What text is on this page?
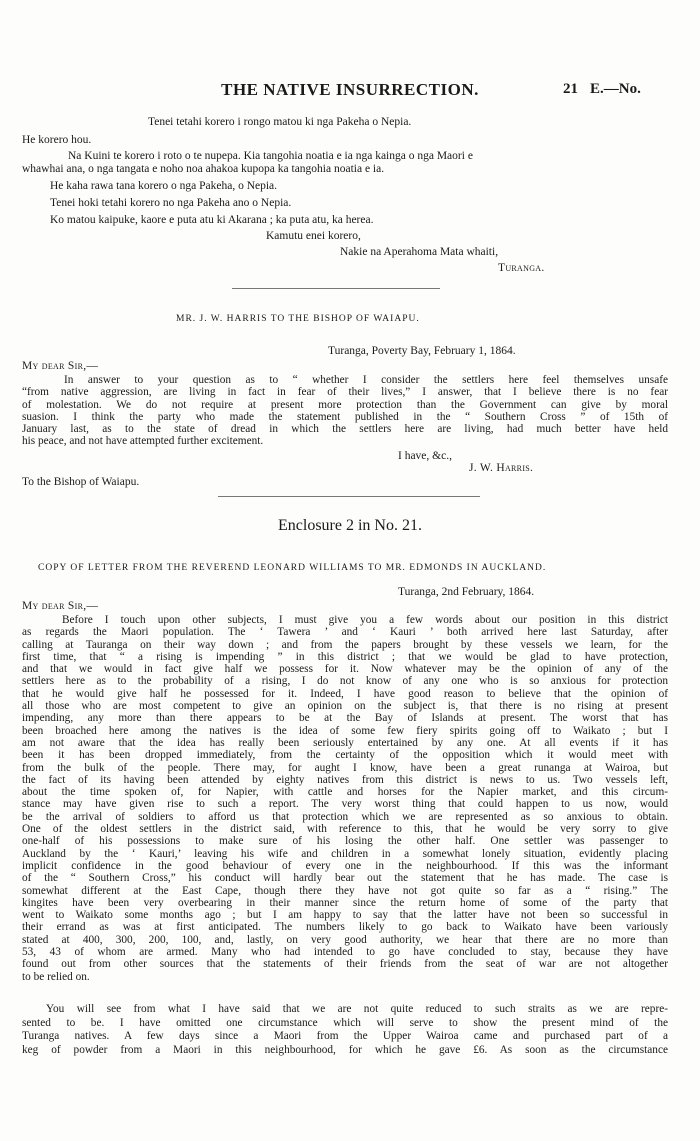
THE NATIVE INSURRECTION.	21 E.—No.
Tenei tetahi korero i rongo matou ki nga Pakeha o Nepia.
He korero hou.
Na Kuini te korero i roto o te nupepa. Kia tangohia noatia e ia nga kainga o nga Maori e
whawhai ana, o nga tangata e noho noa ahakoa kupopa ka tangohia noatia e ia.
He kaha rawa tana korero o nga Pakeha, o Nepia.
Tenei hoki tetahi korero no nga Pakeha ano o Nepia.
Ko matou kaipuke, kaore e puta atu ki Akarana ; ka puta atu, ka herea.
Kamutu enei korero,
Nakie na Aperahoma Mata whaiti,
Turanga.
MR. J. W. HARRIS TO THE BISHOP OF WAIAPU.
Turanga, Poverty Bay, February 1, 1864.
My dear Sir,—
In answer to your question as to “ whether I consider the settlers here feel themselves unsafe
“from native aggression, are living in fact in fear of their lives,” I answer, that I believe there is no fear
of molestation. We do not require at present more protection than the Government can give by moral
suasion. I think the party who made the statement published in the “ Southern Cross ” of 15th of
January last, as to the state of dread in which the settlers here are living, had much better have held
his peace, and not have attempted further excitement.
I have, &c.,
J. W. Harris.
To the Bishop of Waiapu.
Enclosure 2 in No. 21.
COPY OF LETTER FROM THE REVEREND LEONARD WILLIAMS TO MR. EDMONDS IN AUCKLAND.
Turanga, 2nd February, 1864.
My dear Sir,—
Before I touch upon other subjects, I must give you a few words about our position in this district
as regards the Maori population. The ‘ Tawera ’ and ‘ Kauri ’ both arrived here last Saturday, after
calling at Tauranga on their way down ; and from the papers brought by these vessels we learn, for the
first time, that “ a rising is impending ” in this district ; that we would be glad to have protection,
and that we would in fact give half we possess for it. Now whatever may be the opinion of any of the
settlers here as to the probability of a rising, I do not know of any one who is so anxious for protection
that he would give half he possessed for it. Indeed, I have good reason to believe that the opinion of
all those who are most competent to give an opinion on the subject is, that there is no rising at present
impending, any more than there appears to be at the Bay of Islands at present. The worst that has
been broached here among the natives is the idea of some few fiery spirits going off to Waikato ; but I
am not aware that the idea has really been seriously entertained by any one. At all events if it has
been it has been dropped immediately, from the certainty of the opposition which it would meet with
from the bulk of the people. There may, for aught I know, have been a great runanga at Wairoa, but
the fact of its having been attended by eighty natives from this district is news to us. Two vessels left,
about the time spoken of, for Napier, with cattle and horses for the Napier market, and this circum-
stance may have given rise to such a report. The very worst thing that could happen to us now, would
be the arrival of soldiers to afford us that protection which we are represented as so anxious to obtain.
One of the oldest settlers in the district said, with reference to this, that he would be very sorry to give
one-half of his possessions to make sure of his losing the other half. One settler was passenger to
Auckland by the ‘ Kauri,’ leaving his wife and children in a somewhat lonely situation, evidently placing
implicit confidence in the good behaviour of every one in the neighbourhood. If this was the informant
of the “ Southern Cross,” his conduct will hardly bear out the statement that he has made. The case is
somewhat different at the East Cape, though there they have not got quite so far as a “ rising.” The
kingites have been very overbearing in their manner since the return home of some of the party that
went to Waikato some months ago ; but I am happy to say that the latter have not been so successful in
their errand as was at first anticipated. The numbers likely to go back to Waikato have been variously
stated at 400, 300, 200, 100, and, lastly, on very good authority, we hear that there are no more than
53, 43 of whom are armed. Many who had intended to go have concluded to stay, because they have
found out from other sources that the statements of their friends from the seat of war are not altogether
to be relied on.
You will see from what I have said that we are not quite reduced to such straits as we are repre-
sented to be. I have omitted one circumstance which will serve to show the present mind of the
Turanga natives. A few days since a Maori from the Upper Wairoa came and purchased part of a
keg of powder from a Maori in this neighbourhood, for which he gave £6. As soon as the circumstance
